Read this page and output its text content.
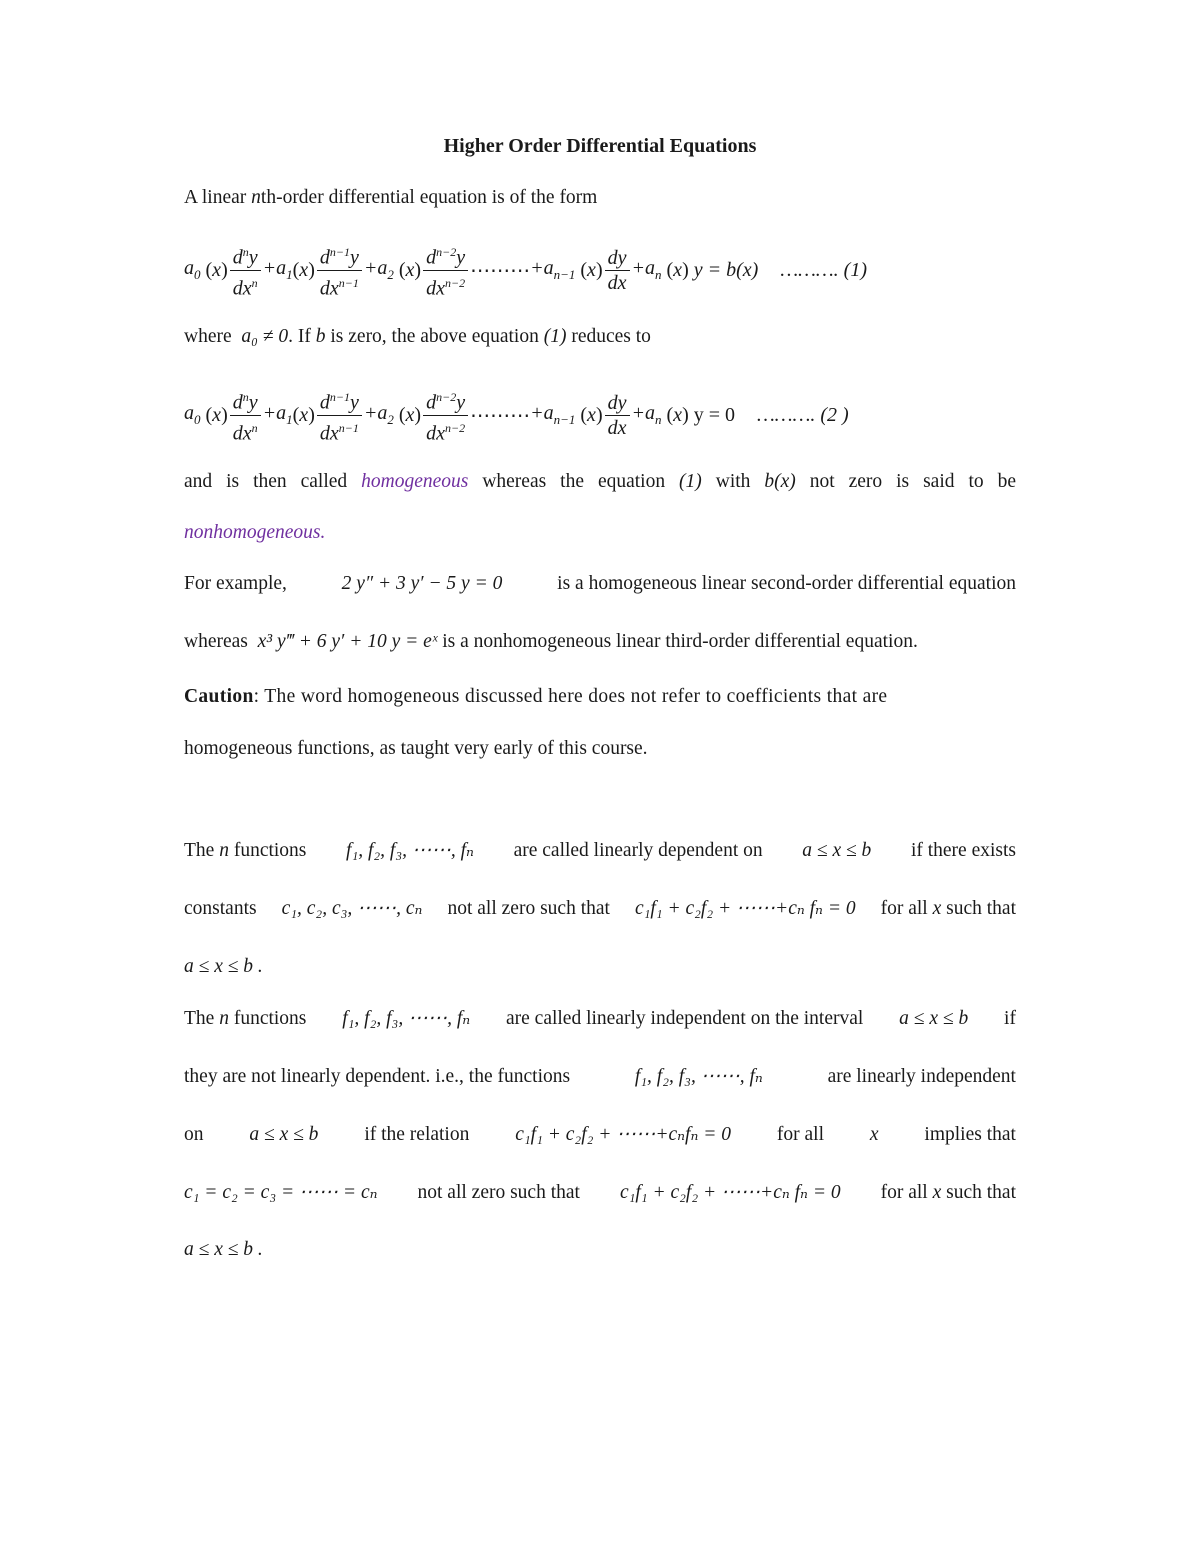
Higher Order Differential Equations
A linear nth-order differential equation is of the form
$a_0$ ( x ) $\frac{d^ny}{dx^n} +a_1$ ( x ) $\frac{d^{n-1}y}{dx^{n-1}} +a_2$ ( x ) $\frac{d^{n-2}y}{dx^{n-2}}$ ⋯⋯⋯ $+a_{n-1}$ ( x ) $\frac{dy}{dx} +a_n$ ( x ) y = b(x) ………. (1)
where a₀ ≠ 0. If b is zero, the above equation (1) reduces to
$a_0$ ( x ) $\frac{d^ny}{dx^n} +a_1$ ( x ) $\frac{d^{n-1}y}{dx^{n-1}} +a_2$ ( x ) $\frac{d^{n-2}y}{dx^{n-2}}$ ⋯⋯⋯ $+a_{n-1}$ ( x ) $\frac{dy}{dx} +a_n$ ( x ) y = 0 ………. (2 )
and is then called homogeneous whereas the equation (1) with b(x) not zero is said to be
nonhomogeneous.
For example,	2 y″ + 3 y′ − 5 y = 0	is a homogeneous linear second-order differential equation
whereas x³ y‴ + 6 y′ + 10 y = eˣ is a nonhomogeneous linear third-order differential equation.
Caution: The word homogeneous discussed here does not refer to coefficients that are
homogeneous functions, as taught very early of this course.
The n functions f₁, f₂, f₃, ⋯⋯, fₙ are called linearly dependent on a ≤ x ≤ b if there exists
constants c₁, c₂, c₃, ⋯⋯, cₙ not all zero such that c₁f₁ + c₂f₂ + ⋯⋯+cₙ fₙ = 0 for all x such that
a ≤ x ≤ b .
The n functions f₁, f₂, f₃, ⋯⋯, fₙ are called linearly independent on the interval a ≤ x ≤ b if
they are not linearly dependent. i.e., the functions	f₁, f₂, f₃, ⋯⋯, fₙ	are linearly independent
on a ≤ x ≤ b if the relation c₁f₁ + c₂f₂ + ⋯⋯+cₙfₙ = 0 for all x implies that
c₁ = c₂ = c₃ = ⋯⋯ = cₙ not all zero such that c₁f₁ + c₂f₂ + ⋯⋯+cₙ fₙ = 0 for all x such that
a ≤ x ≤ b .
